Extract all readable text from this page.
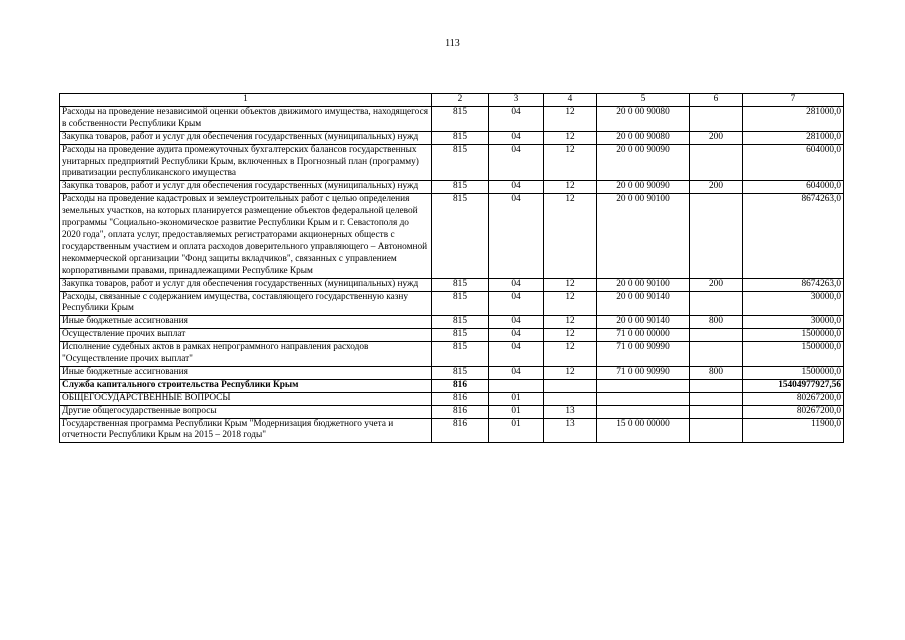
113
1	2	3	4	5	6	7
Расходы на проведение независимой оценки объектов движимого имущества, находящегося в собственности Республики Крым	815	04	12	20 0 00 90080		281000,0
Закупка товаров, работ и услуг для обеспечения государственных (муниципальных) нужд	815	04	12	20 0 00 90080	200	281000,0
Расходы на проведение аудита промежуточных бухгалтерских балансов государственных унитарных предприятий Республики Крым, включенных в Прогнозный план (программу) приватизации республиканского имущества	815	04	12	20 0 00 90090		604000,0
Закупка товаров, работ и услуг для обеспечения государственных (муниципальных) нужд	815	04	12	20 0 00 90090	200	604000,0
Расходы на проведение кадастровых и землеустроительных работ с целью определения земельных участков, на которых планируется размещение объектов федеральной целевой программы "Социально-экономическое развитие Республики Крым и г. Севастополя до 2020 года", оплата услуг, предоставляемых регистраторами акционерных обществ с государственным участием и оплата расходов доверительного управляющего – Автономной некоммерческой организации "Фонд защиты вкладчиков", связанных с управлением корпоративными правами, принадлежащими Республике Крым	815	04	12	20 0 00 90100		8674263,0
Закупка товаров, работ и услуг для обеспечения государственных (муниципальных) нужд	815	04	12	20 0 00 90100	200	8674263,0
Расходы, связанные с содержанием имущества, составляющего государственную казну Республики Крым	815	04	12	20 0 00 90140		30000,0
Иные бюджетные ассигнования	815	04	12	20 0 00 90140	800	30000,0
Осуществление прочих выплат	815	04	12	71 0 00 00000		1500000,0
Исполнение судебных актов в рамках непрограммного направления расходов "Осуществление прочих выплат"	815	04	12	71 0 00 90990		1500000,0
Иные бюджетные ассигнования	815	04	12	71 0 00 90990	800	1500000,0
Служба капитального строительства Республики Крым	816					15404977927,56
ОБЩЕГОСУДАРСТВЕННЫЕ ВОПРОСЫ	816	01				80267200,0
Другие общегосударственные вопросы	816	01	13			80267200,0
Государственная программа Республики Крым "Модернизация бюджетного учета и отчетности Республики Крым на 2015 – 2018 годы"	816	01	13	15 0 00 00000		11900,0
